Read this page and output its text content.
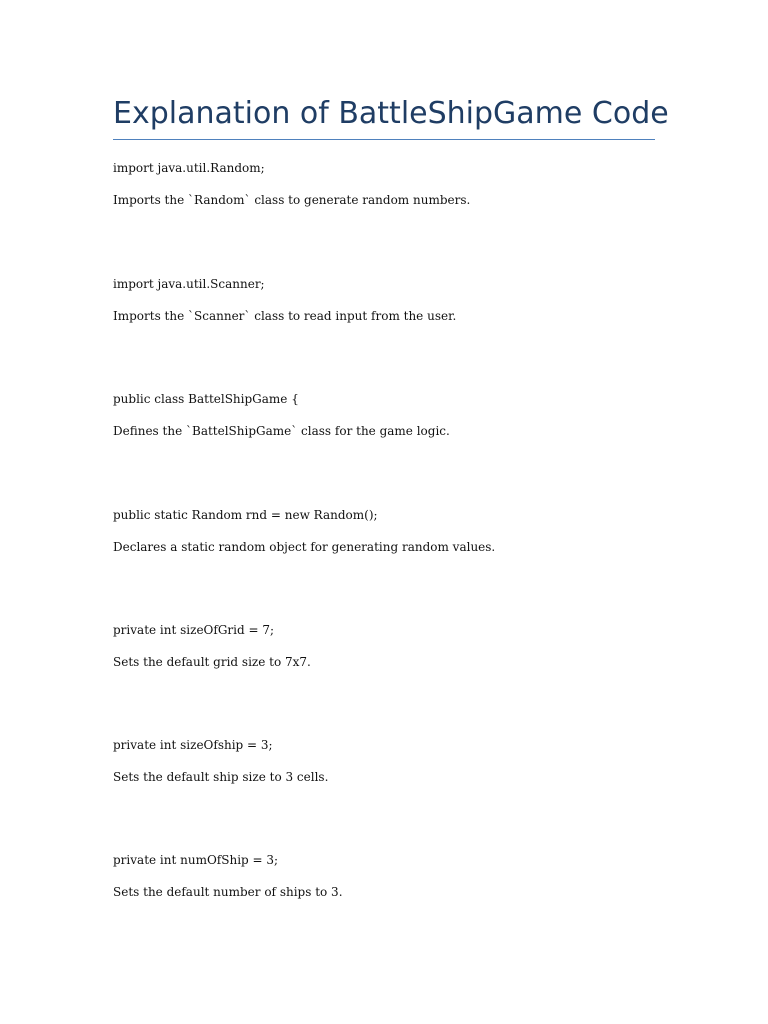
Explanation of BattleShipGame Code

import java.util.Random;

Imports the `Random` class to generate random numbers.

import java.util.Scanner;

Imports the `Scanner` class to read input from the user.

public class BattelShipGame {

Defines the `BattelShipGame` class for the game logic.

public static Random rnd = new Random();

Declares a static random object for generating random values.

private int sizeOfGrid = 7;

Sets the default grid size to 7x7.

private int sizeOfship = 3;

Sets the default ship size to 3 cells.

private int numOfShip = 3;

Sets the default number of ships to 3.
